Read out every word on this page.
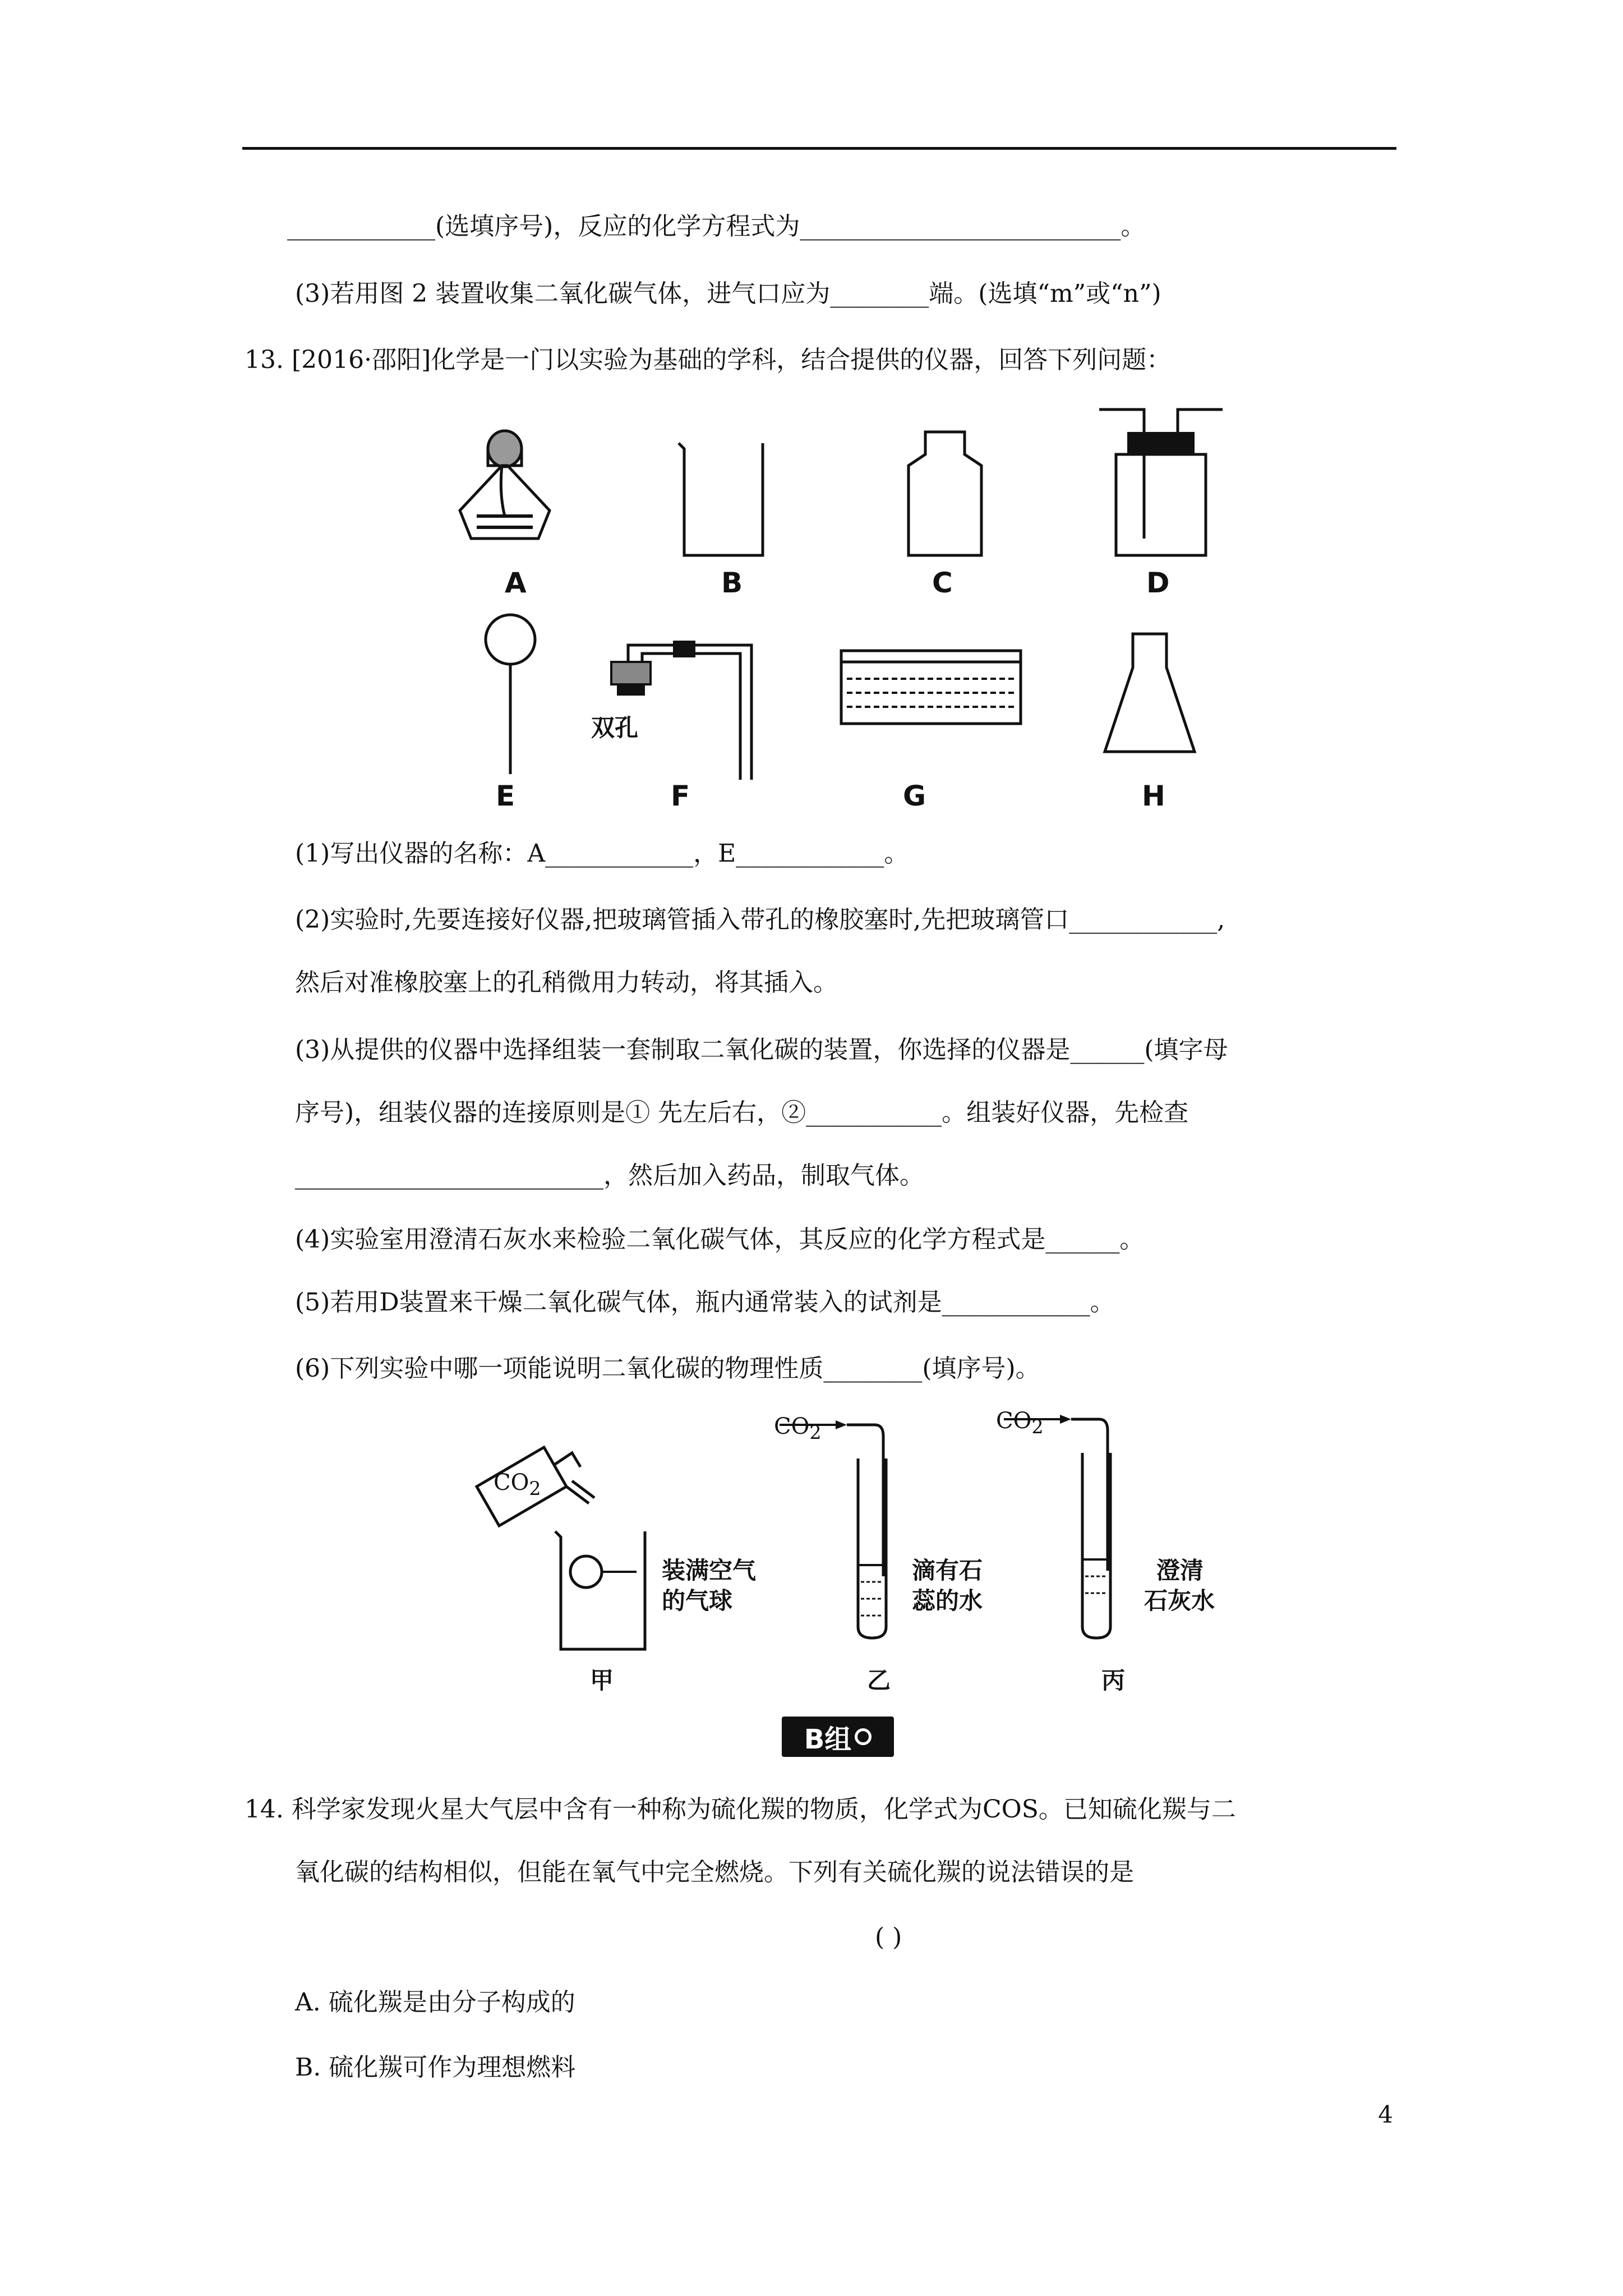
____________(选填序号)，反应的化学方程式为__________________________。
(3)若用图 2 装置收集二氧化碳气体，进气口应为________端。(选填“m”或“n”)
13. [2016·邵阳]化学是一门以实验为基础的学科，结合提供的仪器，回答下列问题：
A	B	C	D
E
双孔
F	G	H
(1)写出仪器的名称：A____________，E____________。
(2)实验时,先要连接好仪器,把玻璃管插入带孔的橡胶塞时,先把玻璃管口____________,
然后对准橡胶塞上的孔稍微用力转动，将其插入。
(3)从提供的仪器中选择组装一套制取二氧化碳的装置，你选择的仪器是______(填字母
序号)，组装仪器的连接原则是① 先左后右，②___________。组装好仪器，先检查
_________________________，然后加入药品，制取气体。
(4)实验室用澄清石灰水来检验二氧化碳气体，其反应的化学方程式是______。
(5)若用D装置来干燥二氧化碳气体，瓶内通常装入的试剂是____________。
(6)下列实验中哪一项能说明二氧化碳的物理性质________(填序号)。
$CO_2$
装满空气
的气球
甲
$CO_2$
滴有石
蕊的水
乙
$CO_2$
澄清
石灰水
丙
B组
14. 科学家发现火星大气层中含有一种称为硫化羰的物质，化学式为COS。已知硫化羰与二
氧化碳的结构相似，但能在氧气中完全燃烧。下列有关硫化羰的说法错误的是
( )
A. 硫化羰是由分子构成的
B. 硫化羰可作为理想燃料
4
